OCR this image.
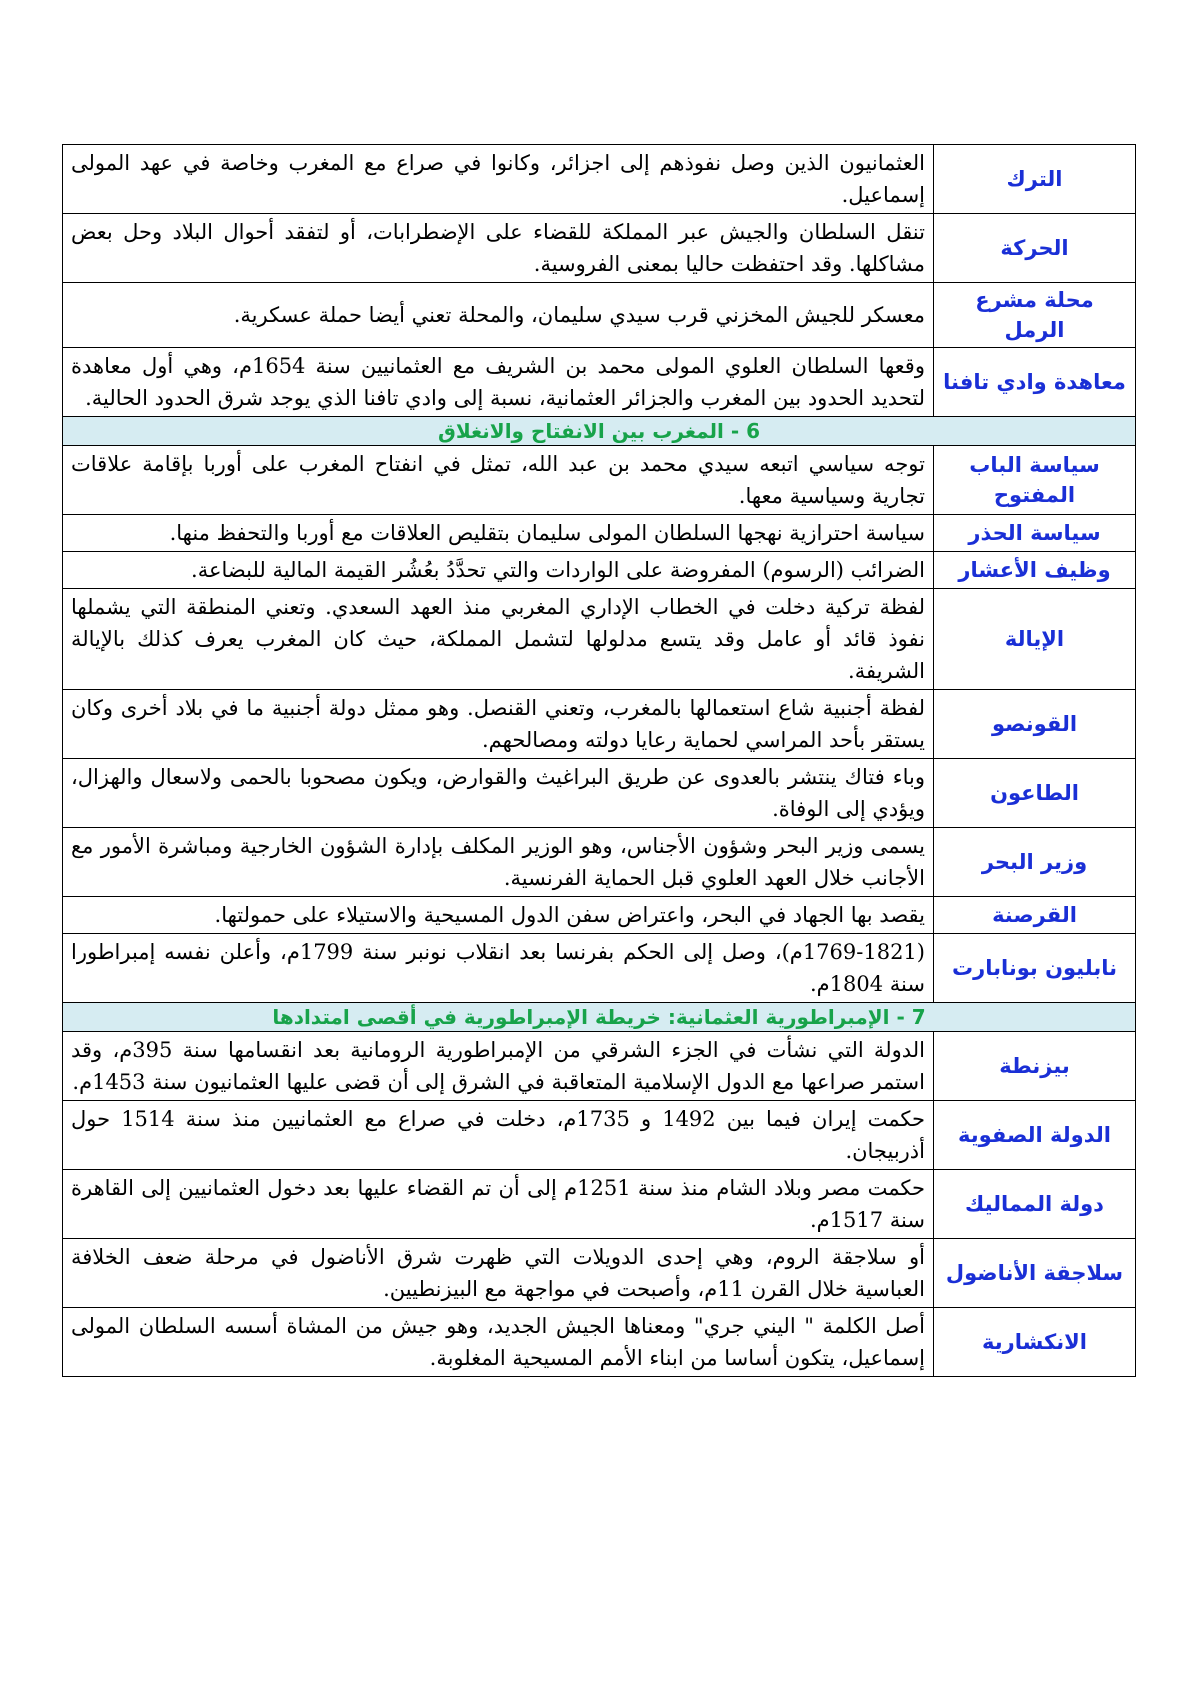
الترك	العثمانيون الذين وصل نفوذهم إلى اجزائر، وكانوا في صراع مع المغرب وخاصة في عهد المولى إسماعيل.
الحركة	تنقل السلطان والجيش عبر المملكة للقضاء على الإضطرابات، أو لتفقد أحوال البلاد وحل بعض مشاكلها. وقد احتفظت حاليا بمعنى الفروسية.
محلة مشرع الرمل	معسكر للجيش المخزني قرب سيدي سليمان، والمحلة تعني أيضا حملة عسكرية.
معاهدة وادي تافنا	وقعها السلطان العلوي المولى محمد بن الشريف مع العثمانيين سنة 1654م، وهي أول معاهدة لتحديد الحدود بين المغرب والجزائر العثمانية، نسبة إلى وادي تافنا الذي يوجد شرق الحدود الحالية.
6 - المغرب بين الانفتاح والانغلاق	
سياسة الباب المفتوح	توجه سياسي اتبعه سيدي محمد بن عبد الله، تمثل في انفتاح المغرب على أوربا بإقامة علاقات تجارية وسياسية معها.
سياسة الحذر	سياسة احترازية نهجها السلطان المولى سليمان بتقليص العلاقات مع أوربا والتحفظ منها.
وظيف الأعشار	الضرائب (الرسوم) المفروضة على الواردات والتي تحدَّدُ بعُشُر القيمة المالية للبضاعة.
الإيالة	لفظة تركية دخلت في الخطاب الإداري المغربي منذ العهد السعدي. وتعني المنطقة التي يشملها نفوذ قائد أو عامل وقد يتسع مدلولها لتشمل المملكة، حيث كان المغرب يعرف كذلك بالإيالة الشريفة.
القونصو	لفظة أجنبية شاع استعمالها بالمغرب، وتعني القنصل. وهو ممثل دولة أجنبية ما في بلاد أخرى وكان يستقر بأحد المراسي لحماية رعايا دولته ومصالحهم.
الطاعون	وباء فتاك ينتشر بالعدوى عن طريق البراغيث والقوارض، ويكون مصحوبا بالحمى ولاسعال والهزال، ويؤدي إلى الوفاة.
وزير البحر	يسمى وزير البحر وشؤون الأجناس، وهو الوزير المكلف بإدارة الشؤون الخارجية ومباشرة الأمور مع الأجانب خلال العهد العلوي قبل الحماية الفرنسية.
القرصنة	يقصد بها الجهاد في البحر، واعتراض سفن الدول المسيحية والاستيلاء على حمولتها.
نابليون بونابارت	(1769-1821م)، وصل إلى الحكم بفرنسا بعد انقلاب نونبر سنة 1799م، وأعلن نفسه إمبراطورا سنة 1804م.
7 - الإمبراطورية العثمانية: خريطة الإمبراطورية في أقصى امتدادها	
بيزنطة	الدولة التي نشأت في الجزء الشرقي من الإمبراطورية الرومانية بعد انقسامها سنة 395م، وقد استمر صراعها مع الدول الإسلامية المتعاقبة في الشرق إلى أن قضى عليها العثمانيون سنة 1453م.
الدولة الصفوية	حكمت إيران فيما بين 1492 و 1735م، دخلت في صراع مع العثمانيين منذ سنة 1514 حول أذربيجان.
دولة المماليك	حكمت مصر وبلاد الشام منذ سنة 1251م إلى أن تم القضاء عليها بعد دخول العثمانيين إلى القاهرة سنة 1517م.
سلاجقة الأناضول	أو سلاجقة الروم، وهي إحدى الدويلات التي ظهرت شرق الأناضول في مرحلة ضعف الخلافة العباسية خلال القرن 11م، وأصبحت في مواجهة مع البيزنطيين.
الانكشارية	أصل الكلمة " اليني جري" ومعناها الجيش الجديد، وهو جيش من المشاة أسسه السلطان المولى إسماعيل، يتكون أساسا من ابناء الأمم المسيحية المغلوبة.
